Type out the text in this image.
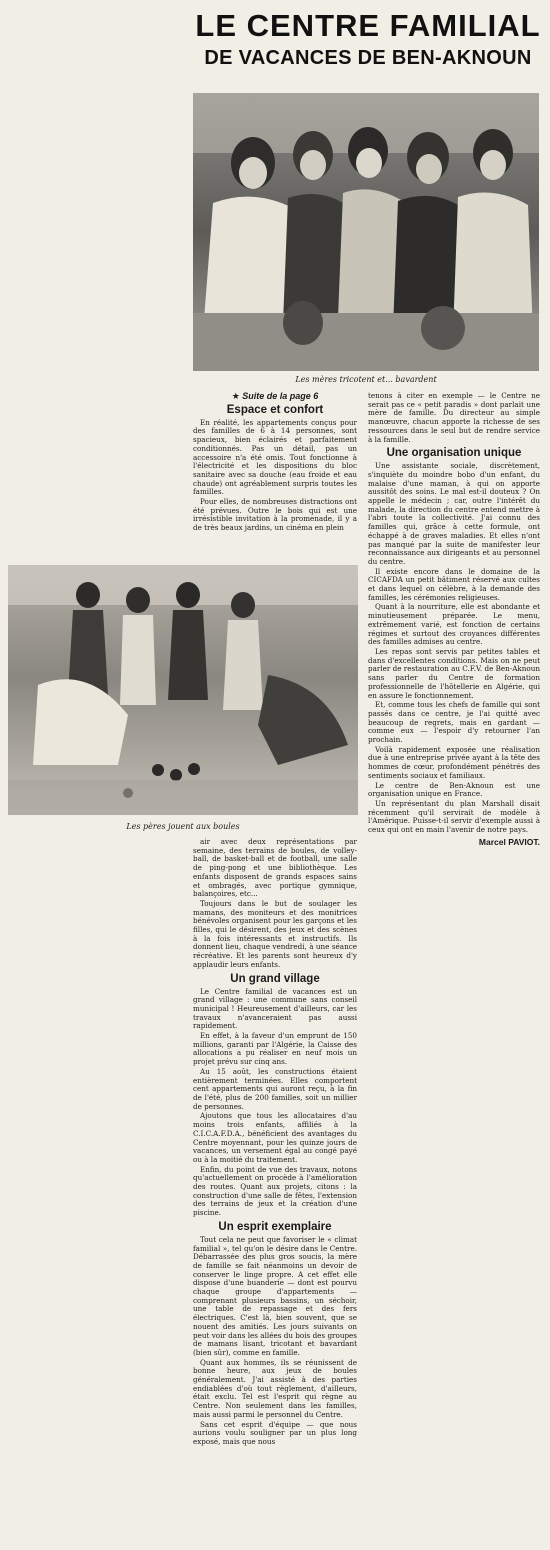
LE CENTRE FAMILIAL
DE VACANCES DE BEN-AKNOUN
Les mères tricotent et... bavardent
Les pères jouent aux boules
★ Suite de la page 6
Espace et confort

En réalité, les appartements conçus pour des familles de 6 à 14 personnes, sont spacieux, bien éclairés et parfaitement conditionnés. Pas un détail, pas un accessoire n'a été omis. Tout fonctionne à l'électricité et les dispositions du bloc sanitaire avec sa douche (eau froide et eau chaude) ont agréablement surpris toutes les familles.

Pour elles, de nombreuses distractions ont été prévues. Outre le bois qui est une irrésistible invitation à la promenade, il y a de très beaux jardins, un cinéma en plein

air avec deux représentations par semaine, des terrains de boules, de volley-ball, de basket-ball et de football, une salle de ping-pong et une bibliothèque. Les enfants disposent de grands espaces sains et ombragés, avec portique gymnique, balançoires, etc...

Toujours dans le but de soulager les mamans, des moniteurs et des monitrices bénévoles organisent pour les garçons et les filles, qui le désirent, des jeux et des scènes à la fois intéressants et instructifs. Ils donnent lieu, chaque vendredi, à une séance récréative. Et les parents sont heureux d'y applaudir leurs enfants.

Un grand village

Le Centre familial de vacances est un grand village : une commune sans conseil municipal ! Heureusement d'ailleurs, car les travaux n'avanceraient pas aussi rapidement.

En effet, à la faveur d'un emprunt de 150 millions, garanti par l'Algérie, la Caisse des allocations a pu réaliser en neuf mois un projet prévu sur cinq ans.

Au 15 août, les constructions étaient entièrement terminées. Elles comportent cent appartements qui auront reçu, à la fin de l'été, plus de 200 familles, soit un millier de personnes.

Ajoutons que tous les allocataires d'au moins trois enfants, affiliés à la C.I.C.A.F.D.A., bénéficient des avantages du Centre moyennant, pour les quinze jours de vacances, un versement égal au congé payé ou à la moitié du traitement.

Enfin, du point de vue des travaux, notons qu'actuellement on procède à l'amélioration des routes. Quant aux projets, citons : la construction d'une salle de fêtes, l'extension des terrains de jeux et la création d'une piscine.

Un esprit exemplaire

Tout cela ne peut que favoriser le « climat familial », tel qu'on le désire dans le Centre. Débarrassée des plus gros soucis, la mère de famille se fait néanmoins un devoir de conserver le linge propre. A cet effet elle dispose d'une buanderie — dont est pourvu chaque groupe d'appartements — comprenant plusieurs bassins, un séchoir, une table de repassage et des fers électriques. C'est là, bien souvent, que se nouent des amitiés. Les jours suivants on peut voir dans les allées du bois des groupes de mamans lisant, tricotant et bavardant (bien sûr), comme en famille.

Quant aux hommes, ils se réunissent de bonne heure, aux jeux de boules généralement. J'ai assisté à des parties endiablées d'où tout règlement, d'ailleurs, était exclu. Tel est l'esprit qui règne au Centre. Non seulement dans les familles, mais aussi parmi le personnel du Centre.

Sans cet esprit d'équipe — que nous aurions voulu souligner par un plus long exposé, mais que nous

tenons à citer en exemple — le Centre ne serait pas ce « petit paradis » dont parlait une mère de famille. Du directeur au simple manœuvre, chacun apporte la richesse de ses ressources dans le seul but de rendre service à la famille.

Une organisation unique

Une assistante sociale, discrètement, s'inquiète du moindre bobo d'un enfant, du malaise d'une maman, à qui on apporte aussitôt des soins. Le mal est-il douteux ? On appelle le médecin ; car, outre l'intérêt du malade, la direction du centre entend mettre à l'abri toute la collectivité. J'ai connu des familles qui, grâce à cette formule, ont échappé à de graves maladies. Et elles n'ont pas manqué par la suite de manifester leur reconnaissance aux dirigeants et au personnel du centre.

Il existe encore dans le domaine de la CICAFDA un petit bâtiment réservé aux cultes et dans lequel on célèbre, à la demande des familles, les cérémonies religieuses.

Quant à la nourriture, elle est abondante et minutieusement préparée. Le menu, extrêmement varié, est fonction de certains régimes et surtout des croyances différentes des familles admises au centre.

Les repas sont servis par petites tables et dans d'excellentes conditions. Mais on ne peut parler de restauration au C.F.V. de Ben-Aknoun sans parler du Centre de formation professionnelle de l'hôtellerie en Algérie, qui en assure le fonctionnement.

Et, comme tous les chefs de famille qui sont passés dans ce centre, je l'ai quitté avec beaucoup de regrets, mais en gardant — comme eux — l'espoir d'y retourner l'an prochain.

Voilà rapidement exposée une réalisation due à une entreprise privée ayant à la tête des hommes de cœur, profondément pénétrés des sentiments sociaux et familiaux.

Le centre de Ben-Aknoun est une organisation unique en France.

Un représentant du plan Marshall disait récemment qu'il servirait de modèle à l'Amérique. Puisse-t-il servir d'exemple aussi à ceux qui ont en main l'avenir de notre pays.

Marcel PAVIOT.
